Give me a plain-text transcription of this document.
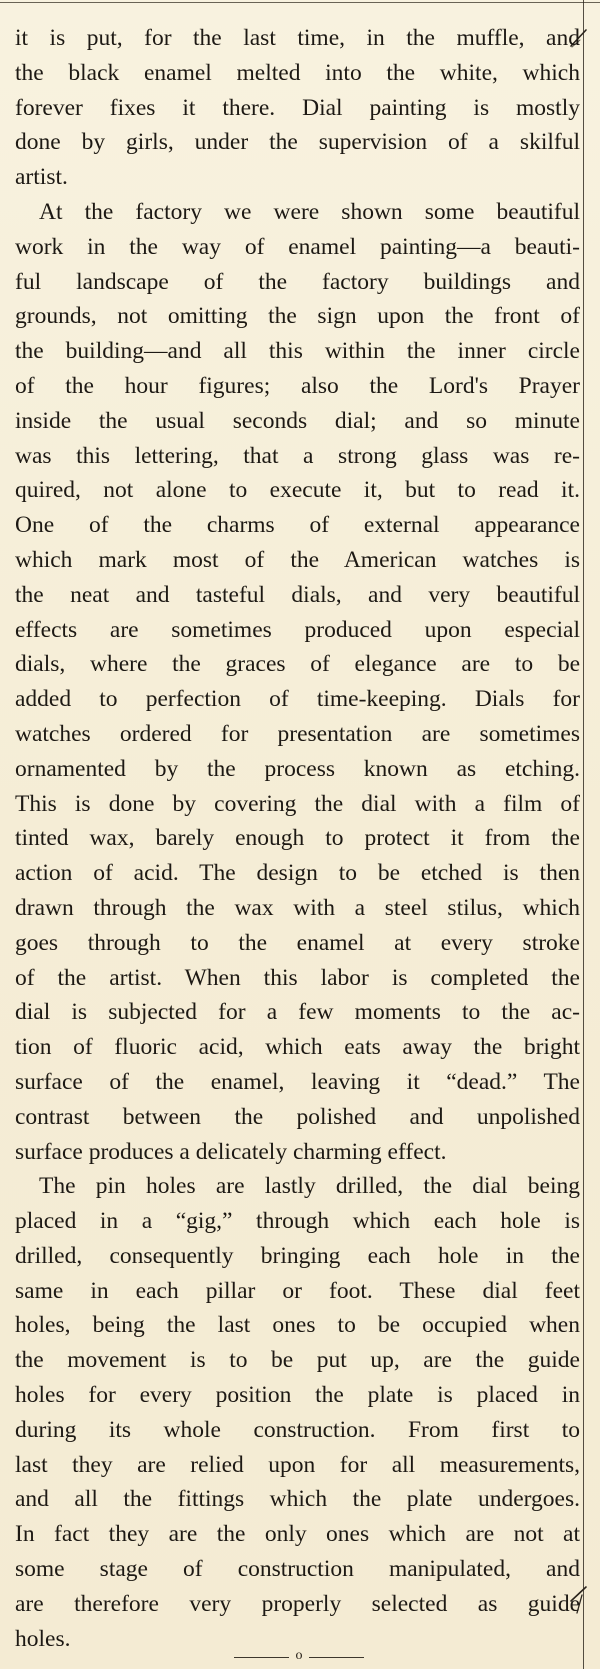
it is put, for the last time, in the muffle, and
the black enamel melted into the white, which
forever fixes it there. Dial painting is mostly
done by girls, under the supervision of a skilful
artist.
At the factory we were shown some beautiful
work in the way of enamel painting—a beauti-
ful landscape of the factory buildings and
grounds, not omitting the sign upon the front of
the building—and all this within the inner circle
of the hour figures; also the Lord's Prayer
inside the usual seconds dial; and so minute
was this lettering, that a strong glass was re-
quired, not alone to execute it, but to read it.
One of the charms of external appearance
which mark most of the American watches is
the neat and tasteful dials, and very beautiful
effects are sometimes produced upon especial
dials, where the graces of elegance are to be
added to perfection of time-keeping. Dials for
watches ordered for presentation are sometimes
ornamented by the process known as etching.
This is done by covering the dial with a film of
tinted wax, barely enough to protect it from the
action of acid. The design to be etched is then
drawn through the wax with a steel stilus, which
goes through to the enamel at every stroke
of the artist. When this labor is completed the
dial is subjected for a few moments to the ac-
tion of fluoric acid, which eats away the bright
surface of the enamel, leaving it “dead.” The
contrast between the polished and unpolished
surface produces a delicately charming effect.
The pin holes are lastly drilled, the dial being
placed in a “gig,” through which each hole is
drilled, consequently bringing each hole in the
same in each pillar or foot. These dial feet
holes, being the last ones to be occupied when
the movement is to be put up, are the guide
holes for every position the plate is placed in
during its whole construction. From first to
last they are relied upon for all measurements,
and all the fittings which the plate undergoes.
In fact they are the only ones which are not at
some stage of construction manipulated, and
are therefore very properly selected as guide
holes.
o
